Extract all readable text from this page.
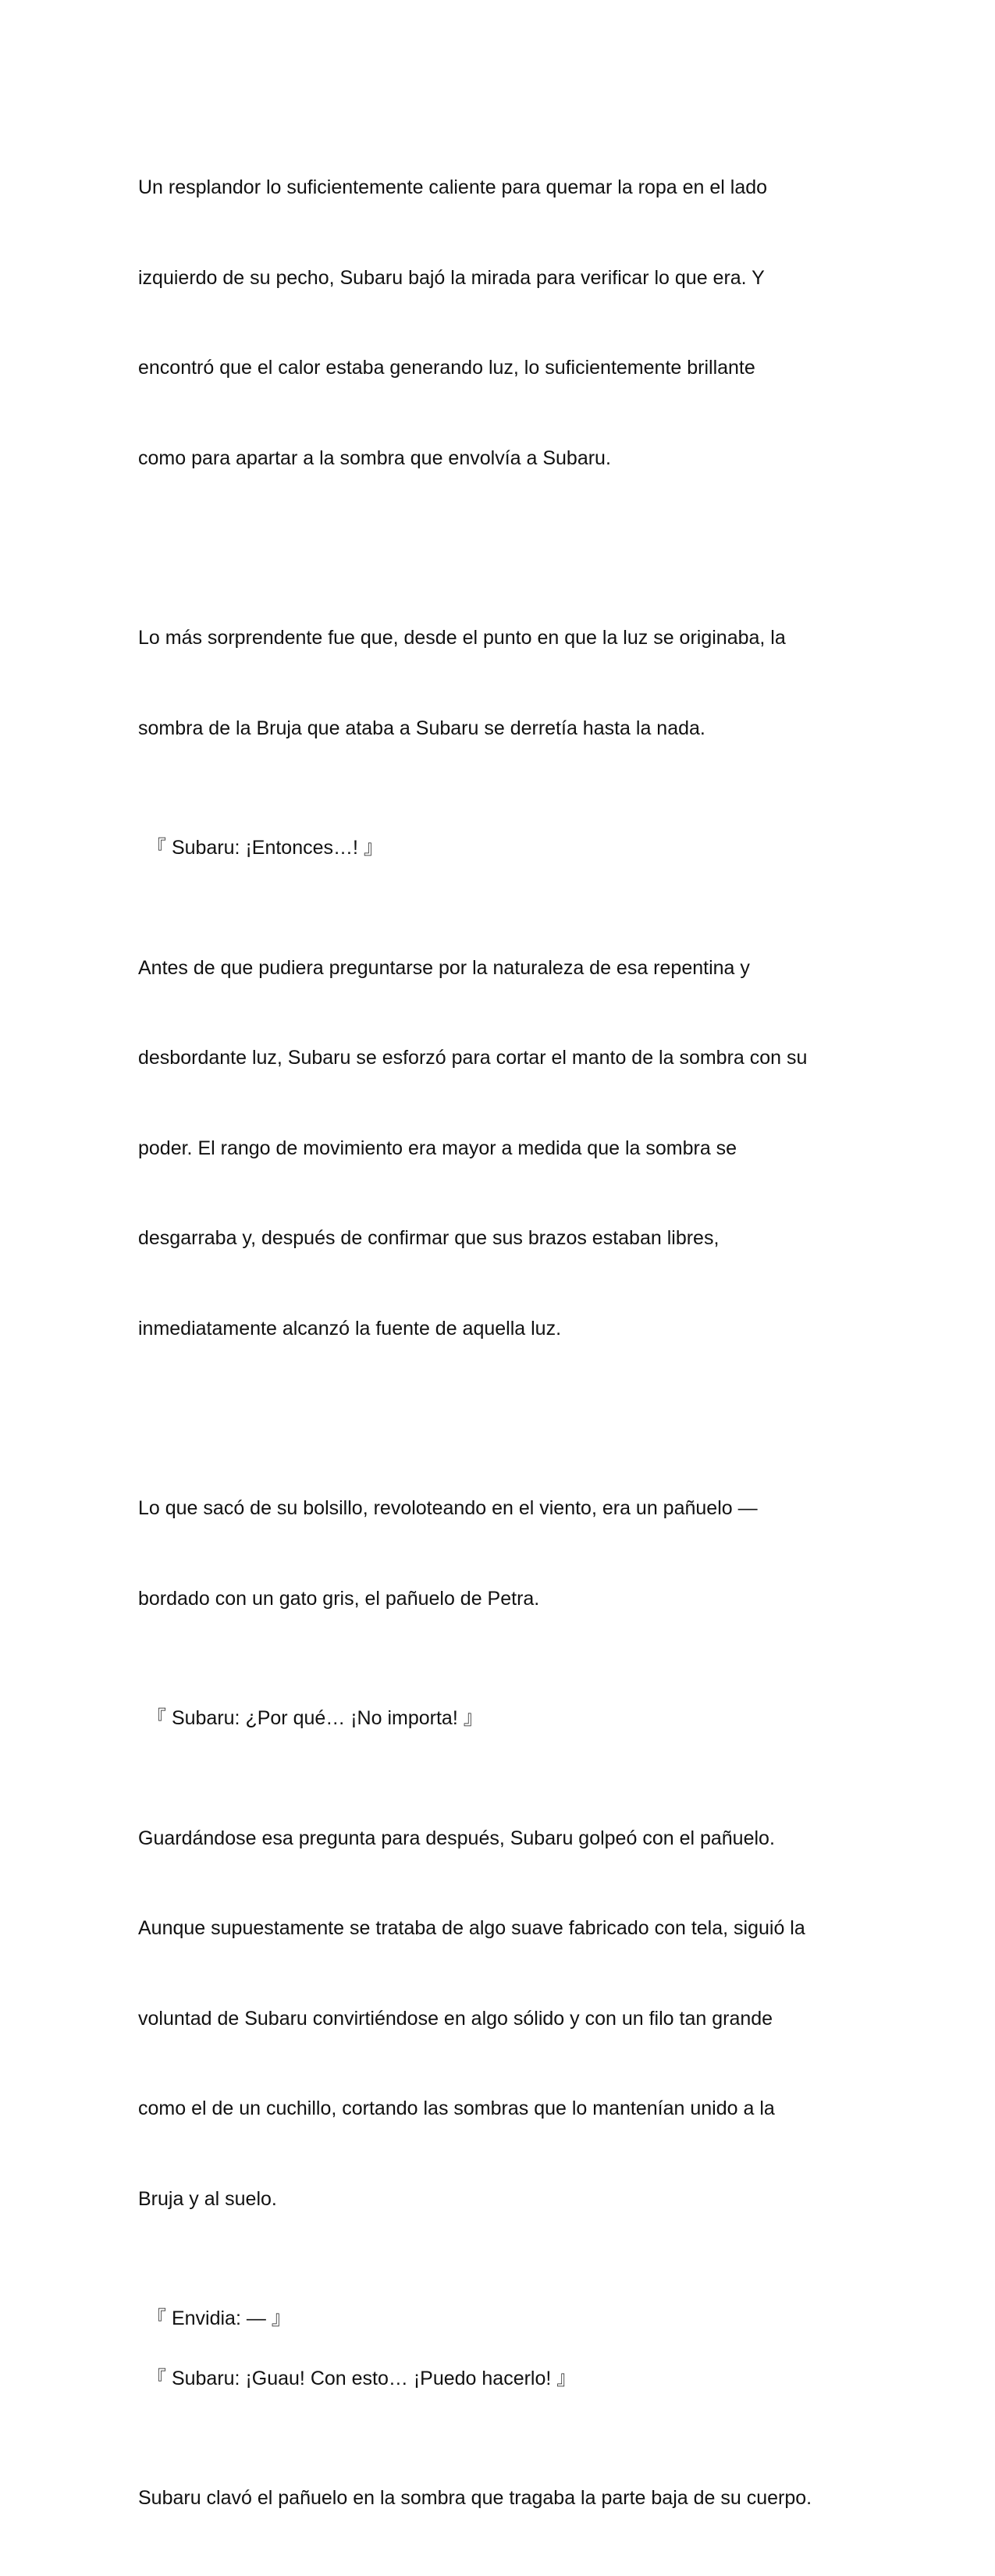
Un resplandor lo suficientemente caliente para quemar la ropa en el lado

izquierdo de su pecho, Subaru bajó la mirada para verificar lo que era. Y

encontró que el calor estaba generando luz, lo suficientemente brillante

como para apartar a la sombra que envolvía a Subaru.

Lo más sorprendente fue que, desde el punto en que la luz se originaba, la

sombra de la Bruja que ataba a Subaru se derretía hasta la nada.

『 Subaru: ¡Entonces…! 』

Antes de que pudiera preguntarse por la naturaleza de esa repentina y

desbordante luz, Subaru se esforzó para cortar el manto de la sombra con su

poder. El rango de movimiento era mayor a medida que la sombra se

desgarraba y, después de confirmar que sus brazos estaban libres,

inmediatamente alcanzó la fuente de aquella luz.

Lo que sacó de su bolsillo, revoloteando en el viento, era un pañuelo —

bordado con un gato gris, el pañuelo de Petra.

『 Subaru: ¿Por qué… ¡No importa! 』

Guardándose esa pregunta para después, Subaru golpeó con el pañuelo.

Aunque supuestamente se trataba de algo suave fabricado con tela, siguió la

voluntad de Subaru convirtiéndose en algo sólido y con un filo tan grande

como el de un cuchillo, cortando las sombras que lo mantenían unido a la

Bruja y al suelo.

『 Envidia: — 』

『 Subaru: ¡Guau! Con esto… ¡Puedo hacerlo! 』

Subaru clavó el pañuelo en la sombra que tragaba la parte baja de su cuerpo.
